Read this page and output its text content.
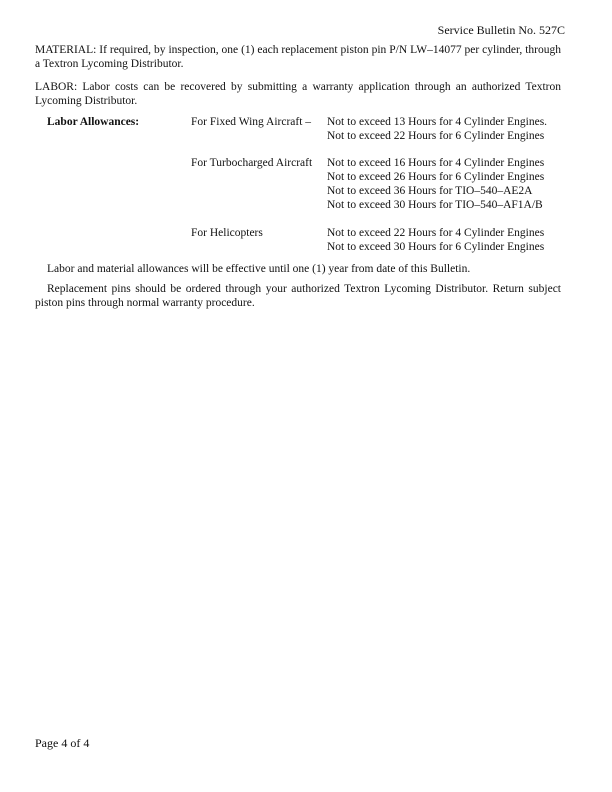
Service Bulletin No. 527C

MATERIAL: If required, by inspection, one (1) each replacement piston pin P/N LW–14077 per cylinder, through a Textron Lycoming Distributor.

LABOR: Labor costs can be recovered by submitting a warranty application through an authorized Textron Lycoming Distributor.

Labor Allowances:	For Fixed Wing Aircraft – Not to exceed 13 Hours for 4 Cylinder Engines.
Not to exceed 22 Hours for 6 Cylinder Engines
For Turbocharged Aircraft Not to exceed 16 Hours for 4 Cylinder Engines
Not to exceed 26 Hours for 6 Cylinder Engines
Not to exceed 36 Hours for TIO–540–AE2A
Not to exceed 30 Hours for TIO–540–AF1A/B
For Helicopters	Not to exceed 22 Hours for 4 Cylinder Engines
Not to exceed 30 Hours for 6 Cylinder Engines

Labor and material allowances will be effective until one (1) year from date of this Bulletin.

Replacement pins should be ordered through your authorized Textron Lycoming Distributor. Return subject piston pins through normal warranty procedure.

Page 4 of 4
